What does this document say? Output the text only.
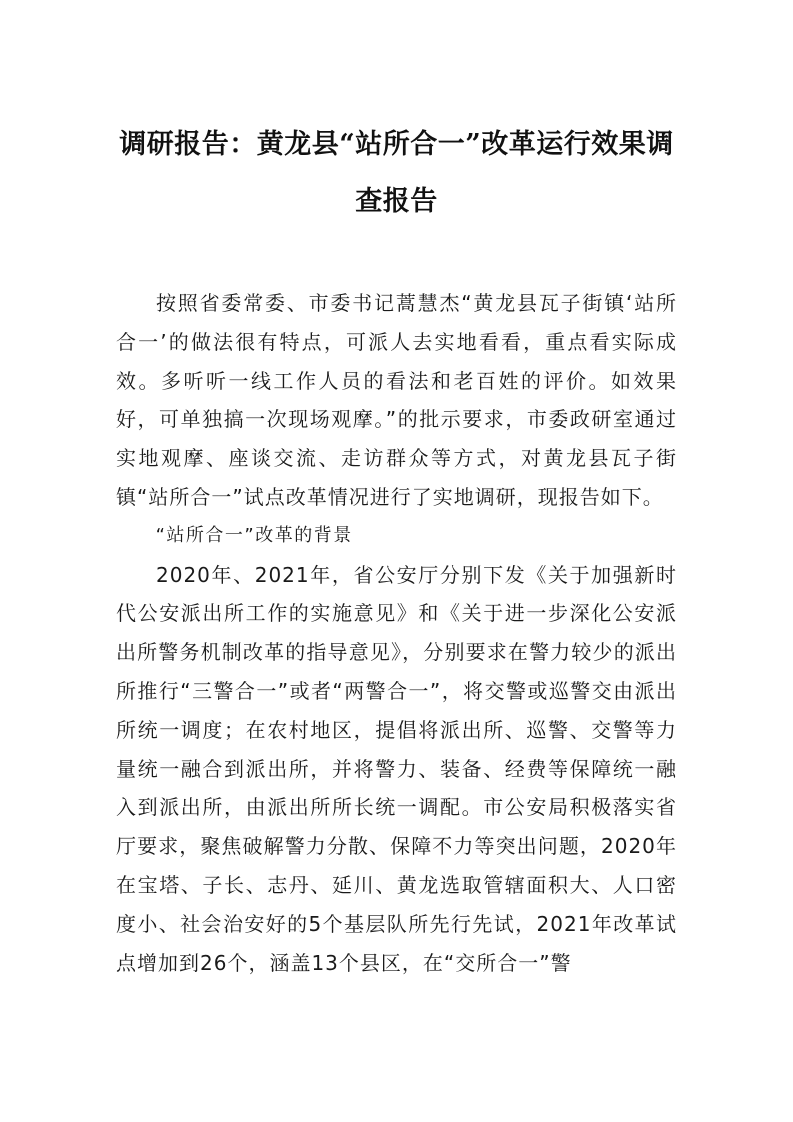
调研报告：黄龙县“站所合一”改革运行效果调查报告

按照省委常委、市委书记蒿慧杰“黄龙县瓦子街镇‘站所合一’的做法很有特点，可派人去实地看看，重点看实际成效。多听听一线工作人员的看法和老百姓的评价。如效果好，可单独搞一次现场观摩。”的批示要求，市委政研室通过实地观摩、座谈交流、走访群众等方式，对黄龙县瓦子街镇“站所合一”试点改革情况进行了实地调研，现报告如下。

“站所合一”改革的背景

2020年、2021年，省公安厅分别下发《关于加强新时代公安派出所工作的实施意见》和《关于进一步深化公安派出所警务机制改革的指导意见》，分别要求在警力较少的派出所推行“三警合一”或者“两警合一”，将交警或巡警交由派出所统一调度；在农村地区，提倡将派出所、巡警、交警等力量统一融合到派出所，并将警力、装备、经费等保障统一融入到派出所，由派出所所长统一调配。市公安局积极落实省厅要求，聚焦破解警力分散、保障不力等突出问题，2020年在宝塔、子长、志丹、延川、黄龙选取管辖面积大、人口密度小、社会治安好的5个基层队所先行先试，2021年改革试点增加到26个，涵盖13个县区，在“交所合一”警
